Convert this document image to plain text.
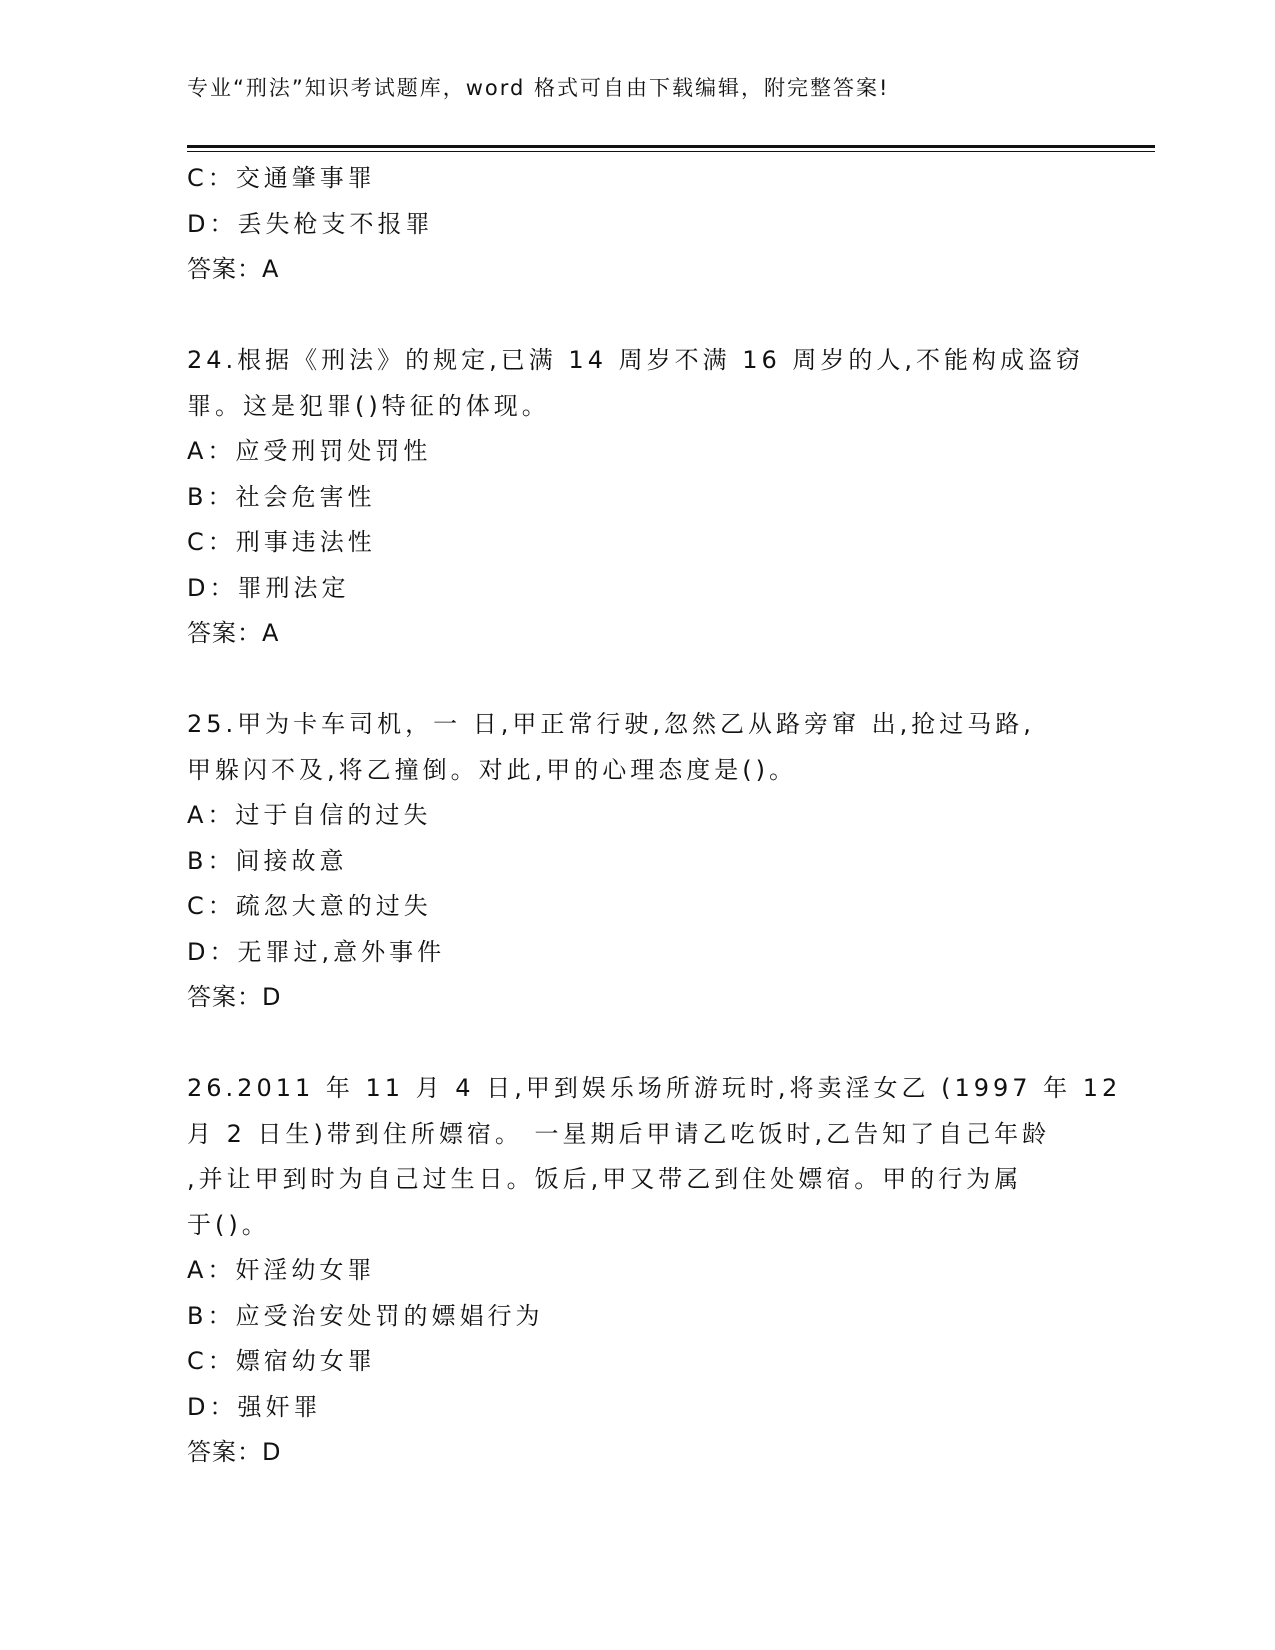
专业“刑法”知识考试题库，word 格式可自由下载编辑，附完整答案!
C：交通肇事罪
D：丢失枪支不报罪
答案：A
24.根据《刑法》的规定,已满 14 周岁不满 16 周岁的人,不能构成盗窃
罪。这是犯罪()特征的体现。
A：应受刑罚处罚性
B：社会危害性
C：刑事违法性
D：罪刑法定
答案：A
25.甲为卡车司机，一 日,甲正常行驶,忽然乙从路旁窜 出,抢过马路,
甲躲闪不及,将乙撞倒。对此,甲的心理态度是()。
A：过于自信的过失
B：间接故意
C：疏忽大意的过失
D：无罪过,意外事件
答案：D
26.2011 年 11 月 4 日,甲到娱乐场所游玩时,将卖淫女乙 (1997 年 12
月 2 日生)带到住所嫖宿。 一星期后甲请乙吃饭时,乙告知了自己年龄
,并让甲到时为自己过生日。饭后,甲又带乙到住处嫖宿。甲的行为属
于()。
A：奸淫幼女罪
B：应受治安处罚的嫖娼行为
C：嫖宿幼女罪
D：强奸罪
答案：D
